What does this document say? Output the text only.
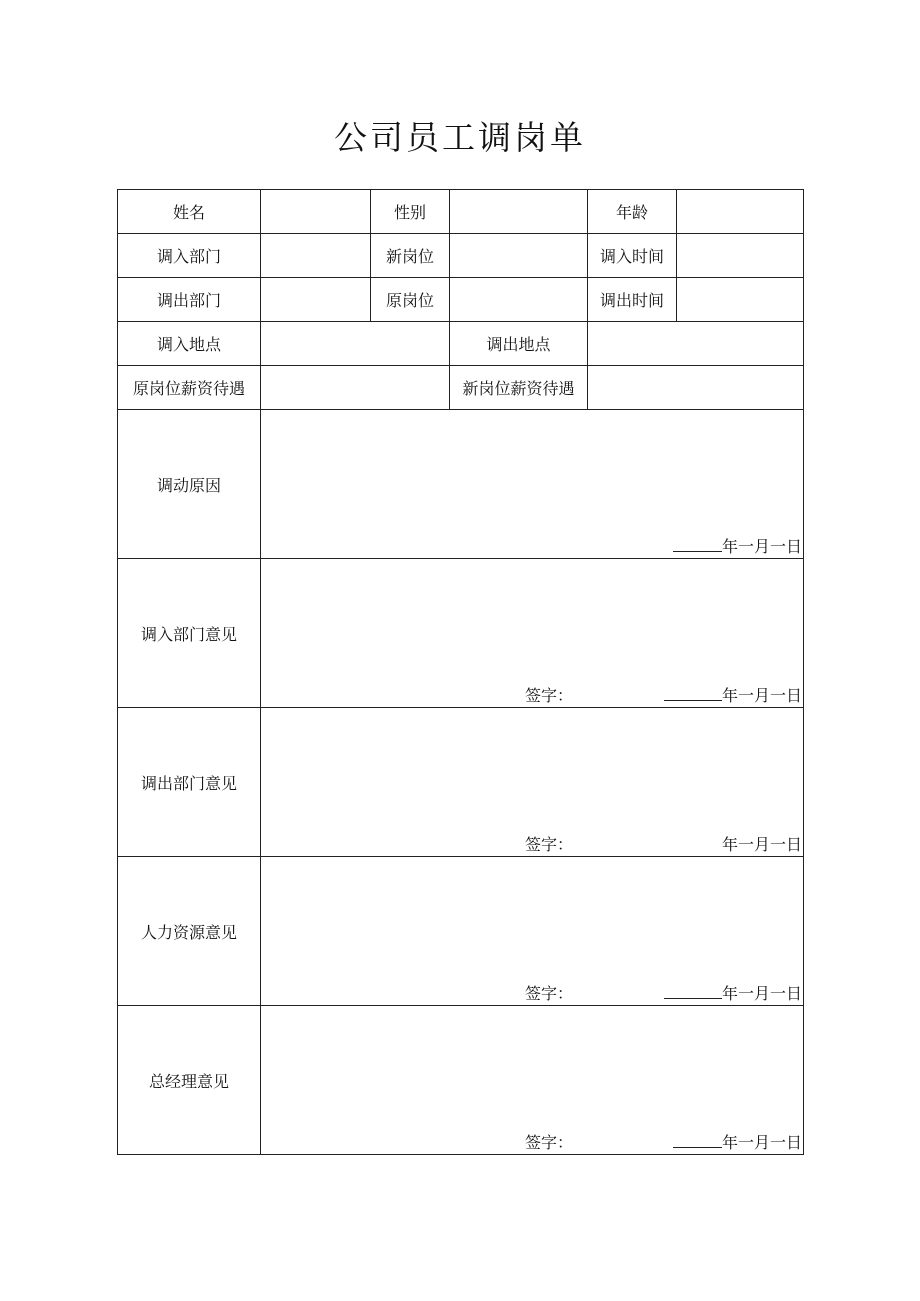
公司员工调岗单
姓名		性别		年龄	
调入部门		新岗位		调入时间	
调出部门		原岗位		调出时间	
调入地点			调出地点		
原岗位薪资待遇			新岗位薪资待遇		
调动原因	年一月一日				

调入部门意见	签字： 年一月一日				

调出部门意见	签字： 年一月一日				

人力资源意见	签字： 年一月一日				

总经理意见	签字： 年一月一日				
